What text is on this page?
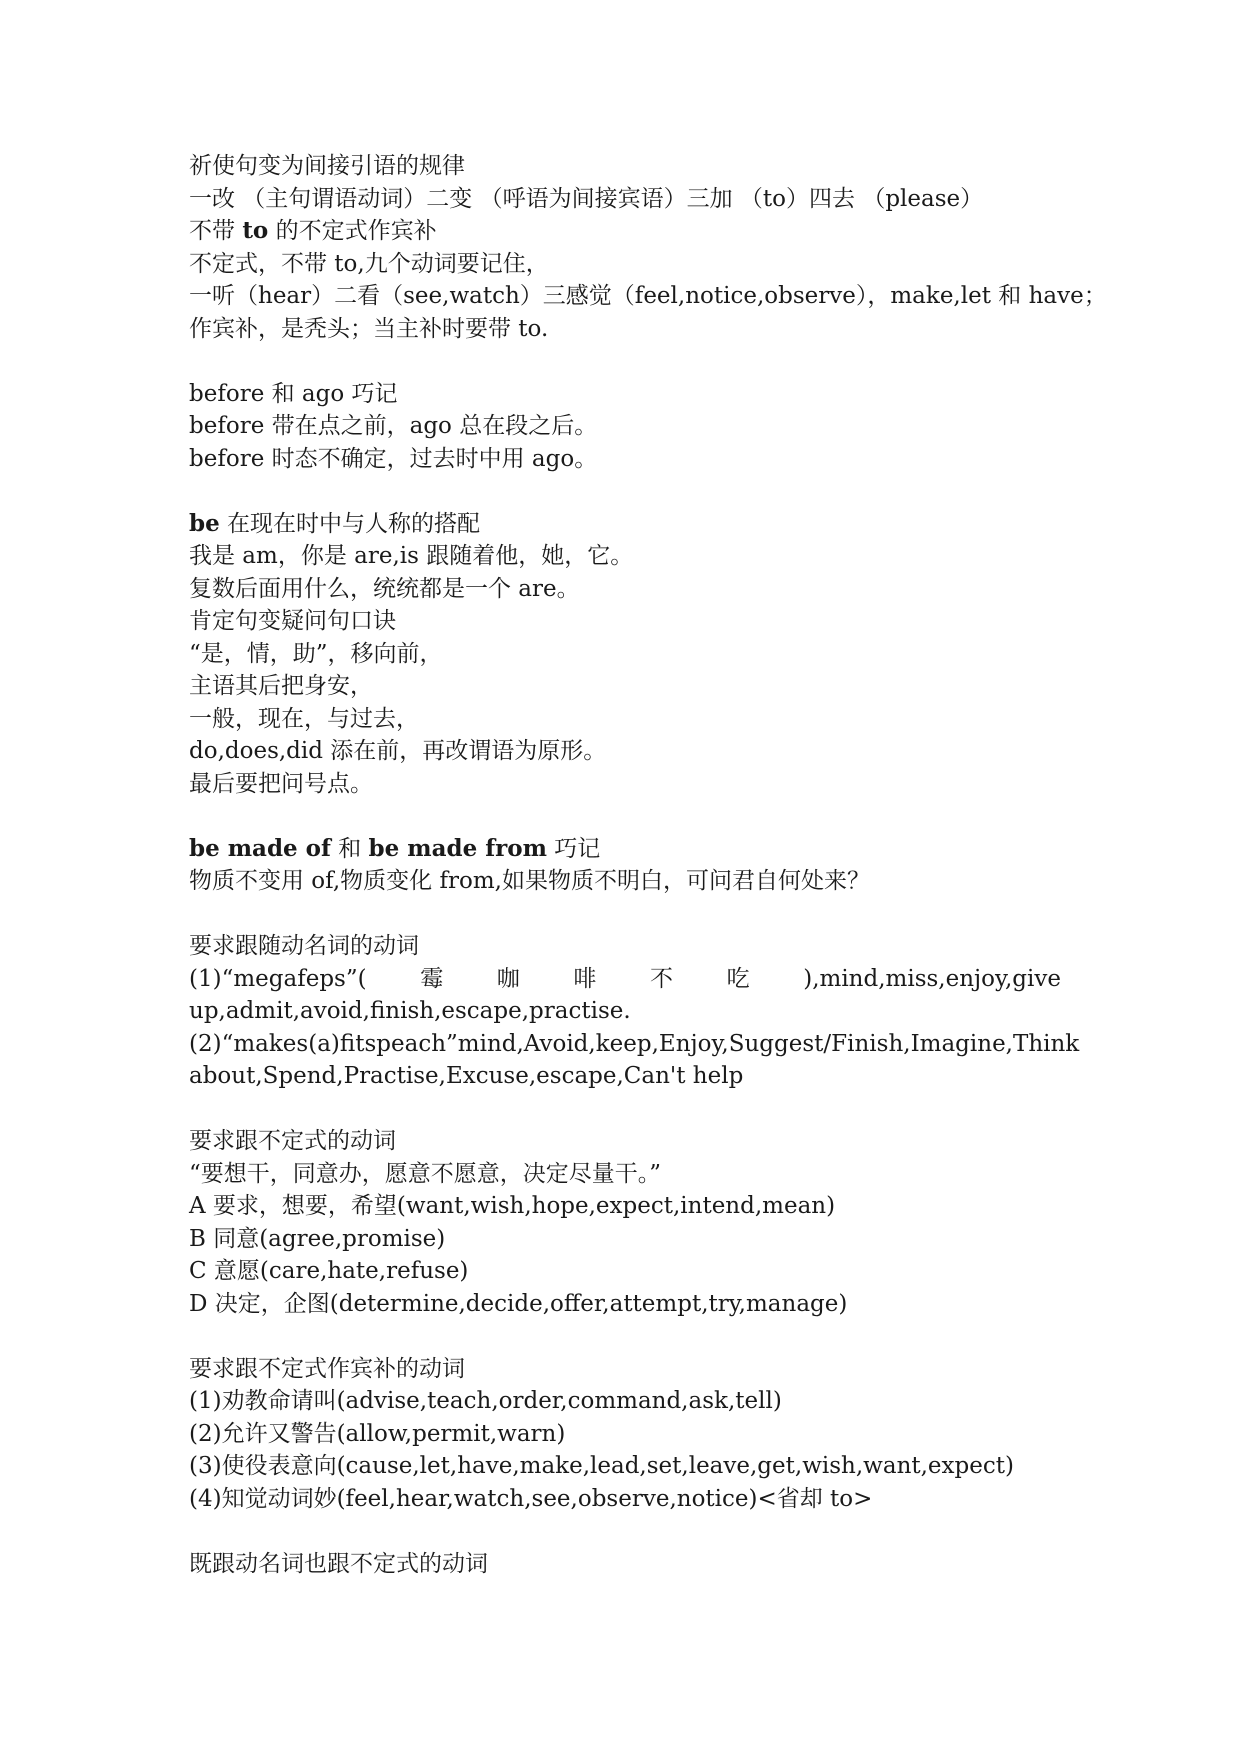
祈使句变为间接引语的规律
一改 （主句谓语动词）二变 （呼语为间接宾语）三加 （to）四去 （please）
不带 to 的不定式作宾补
不定式，不带 to,九个动词要记住，
一听（hear）二看（see,watch）三感觉（feel,notice,observe），make,let 和 have；
作宾补，是秃头；当主补时要带 to.
before 和 ago 巧记
before 带在点之前，ago 总在段之后。
before 时态不确定，过去时中用 ago。
be 在现在时中与人称的搭配
我是 am，你是 are,is 跟随着他，她，它。
复数后面用什么，统统都是一个 are。
肯定句变疑问句口诀
“是，情，助”，移向前，
主语其后把身安，
一般，现在，与过去，
do,does,did 添在前，再改谓语为原形。
最后要把问号点。
be made of 和 be made from 巧记
物质不变用 of,物质变化 from,如果物质不明白，可问君自何处来？
要求跟随动名词的动词
(1)“megafeps”( 霉 咖 啡 不 吃 ),mind,miss,enjoy,give
up,admit,avoid,finish,escape,practise.
(2)“makes (a) fit speach”mind,Avoid,keep,Enjoy,Suggest/Finish,Imagine,Think
about,Spend,Practise,Excuse,escape,Can't help
要求跟不定式的动词
“要想干，同意办，愿意不愿意，决定尽量干。”
A 要求，想要，希望(want,wish,hope,expect,intend,mean)
B 同意(agree,promise)
C 意愿(care,hate,refuse)
D 决定，企图(determine,decide,offer,attempt,try,manage)
要求跟不定式作宾补的动词
(1)劝教命请叫(advise,teach,order,command,ask,tell)
(2)允许又警告(allow,permit,warn)
(3)使役表意向(cause,let,have,make,lead,set,leave,get,wish,want,expect)
(4)知觉动词妙(feel,hear,watch,see,observe,notice)<省却 to>
既跟动名词也跟不定式的动词
